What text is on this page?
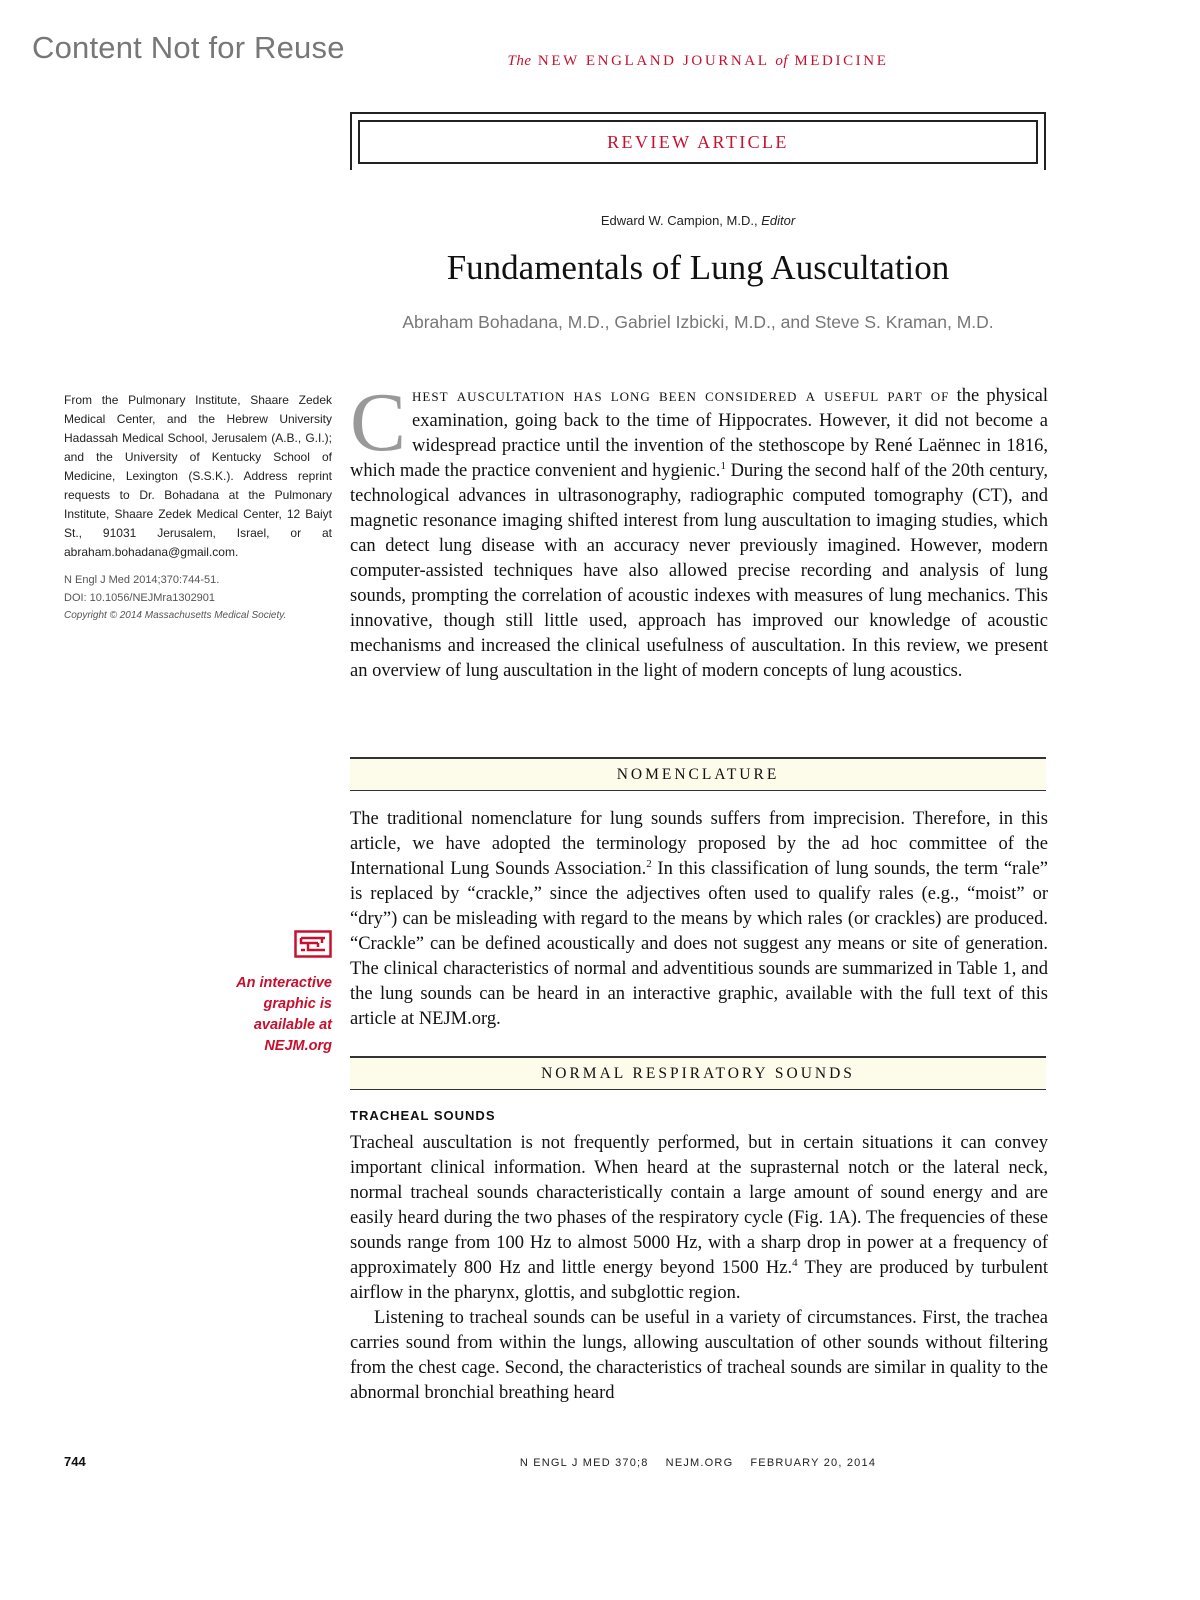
Content Not for Reuse	The NEW ENGLAND JOURNAL of MEDICINE
REVIEW ARTICLE
Edward W. Campion, M.D., Editor
Fundamentals of Lung Auscultation
Abraham Bohadana, M.D., Gabriel Izbicki, M.D., and Steve S. Kraman, M.D.
From the Pulmonary Institute, Shaare Zedek Medical Center, and the Hebrew University Hadassah Medical School, Jerusalem (A.B., G.I.); and the University of Kentucky School of Medicine, Lexington (S.S.K.). Address reprint requests to Dr. Bohadana at the Pulmonary Institute, Shaare Zedek Medical Center, 12 Baiyt St., 91031 Jerusalem, Israel, or at abraham.bohadana@gmail.com.
N Engl J Med 2014;370:744-51.
DOI: 10.1056/NEJMra1302901
Copyright © 2014 Massachusetts Medical Society.
An interactive
graphic is
available at
NEJM.org
C hest auscultation has long been considered a useful part of the physical examination, going back to the time of Hippocrates. However, it did not become a widespread practice until the invention of the stethoscope by René Laënnec in 1816, which made the practice convenient and hygienic.$^1$ During the second half of the 20th century, technological advances in ultrasonography, radiographic computed tomography (CT), and magnetic resonance imaging shifted interest from lung auscultation to imaging studies, which can detect lung disease with an accuracy never previously imagined. However, modern computer-assisted techniques have also allowed precise recording and analysis of lung sounds, prompting the correlation of acoustic indexes with measures of lung mechanics. This innovative, though still little used, approach has improved our knowledge of acoustic mechanisms and increased the clinical usefulness of auscultation. In this review, we present an overview of lung auscultation in the light of modern concepts of lung acoustics.
NOMENCLATURE
The traditional nomenclature for lung sounds suffers from imprecision. Therefore, in this article, we have adopted the terminology proposed by the ad hoc committee of the International Lung Sounds Association.$^2$ In this classification of lung sounds, the term “rale” is replaced by “crackle,” since the adjectives often used to qualify rales (e.g., “moist” or “dry”) can be misleading with regard to the means by which rales (or crackles) are produced. “Crackle” can be defined acoustically and does not suggest any means or site of generation. The clinical characteristics of normal and adventitious sounds are summarized in Table 1, and the lung sounds can be heard in an interactive graphic, available with the full text of this article at NEJM.org.
NORMAL RESPIRATORY SOUNDS
TRACHEAL SOUNDS
Tracheal auscultation is not frequently performed, but in certain situations it can convey important clinical information. When heard at the suprasternal notch or the lateral neck, normal tracheal sounds characteristically contain a large amount of sound energy and are easily heard during the two phases of the respiratory cycle (Fig. 1A). The frequencies of these sounds range from 100 Hz to almost 5000 Hz, with a sharp drop in power at a frequency of approximately 800 Hz and little energy beyond 1500 Hz.$^4$ They are produced by turbulent airflow in the pharynx, glottis, and subglottic region.
Listening to tracheal sounds can be useful in a variety of circumstances. First, the trachea carries sound from within the lungs, allowing auscultation of other sounds without filtering from the chest cage. Second, the characteristics of tracheal sounds are similar in quality to the abnormal bronchial breathing heard
744	N ENGL J MED 370;8 NEJM.ORG FEBRUARY 20, 2014
